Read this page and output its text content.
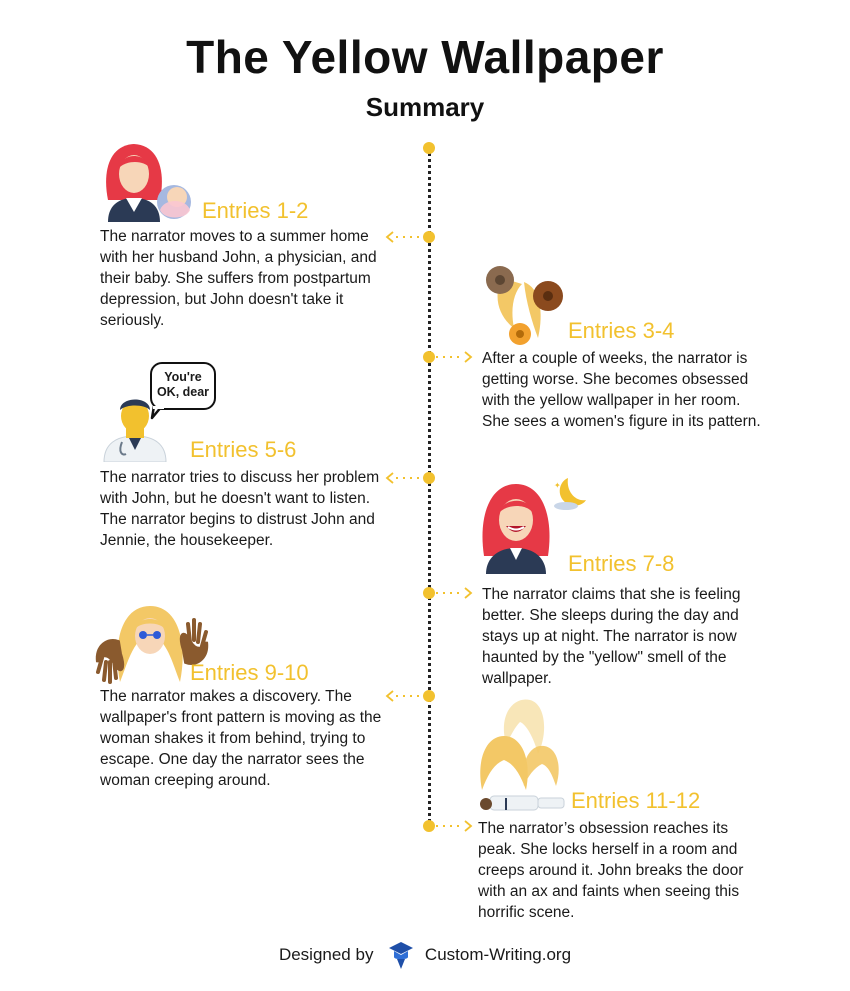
The Yellow Wallpaper
Summary
Entries 1-2
The narrator moves to a summer home with her husband John, a physician, and their baby. She suffers from postpartum depression, but John doesn't take it seriously.	Entries 3-4
After a couple of weeks, the narrator is getting worse. She becomes obsessed with the yellow wallpaper in her room. She sees a women's figure in its pattern.
You're OK, dear
Entries 5-6
The narrator tries to discuss her problem with John, but he doesn't want to listen. The narrator begins to distrust John and Jennie, the housekeeper.
✦
Entries 7-8
The narrator claims that she is feeling better. She sleeps during the day and stays up at night. The narrator is now haunted by the "yellow" smell of the wallpaper.
Entries 9-10
The narrator makes a discovery. The wallpaper's front pattern is moving as the woman shakes it from behind, trying to escape. One day the narrator sees the woman creeping around.
Entries 11-12
The narrator’s obsession reaches its peak. She locks herself in a room and creeps around it. John breaks the door with an ax and faints when seeing this horrific scene.
Designed by	Custom-Writing.org
